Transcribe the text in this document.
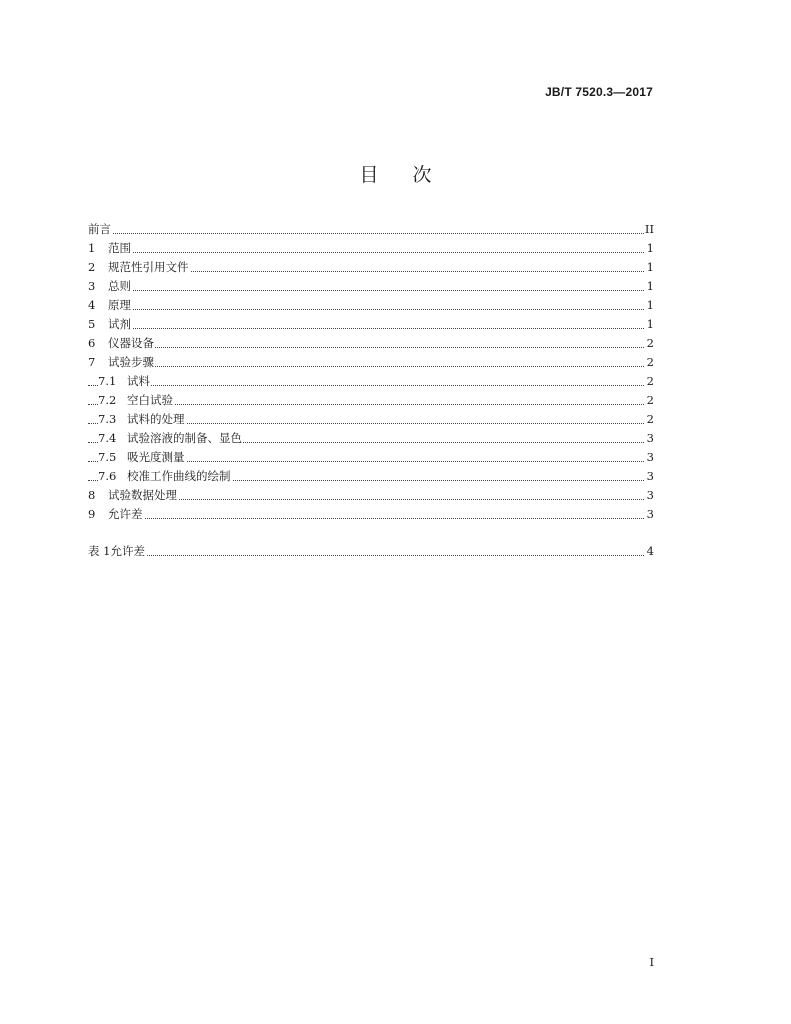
JB/T 7520.3—2017
目 次
前言	II
1 范围	1
2 规范性引用文件	1
3 总则	1
4 原理	1
5 试剂	1
6 仪器设备	2
7 试验步骤	2
7.1 试料	2
7.2 空白试验	2
7.3 试料的处理	2
7.4 试验溶液的制备、显色	3
7.5 吸光度测量	3
7.6 校准工作曲线的绘制	3
8 试验数据处理	3
9 允许差	3
表 1允许差	4
I
